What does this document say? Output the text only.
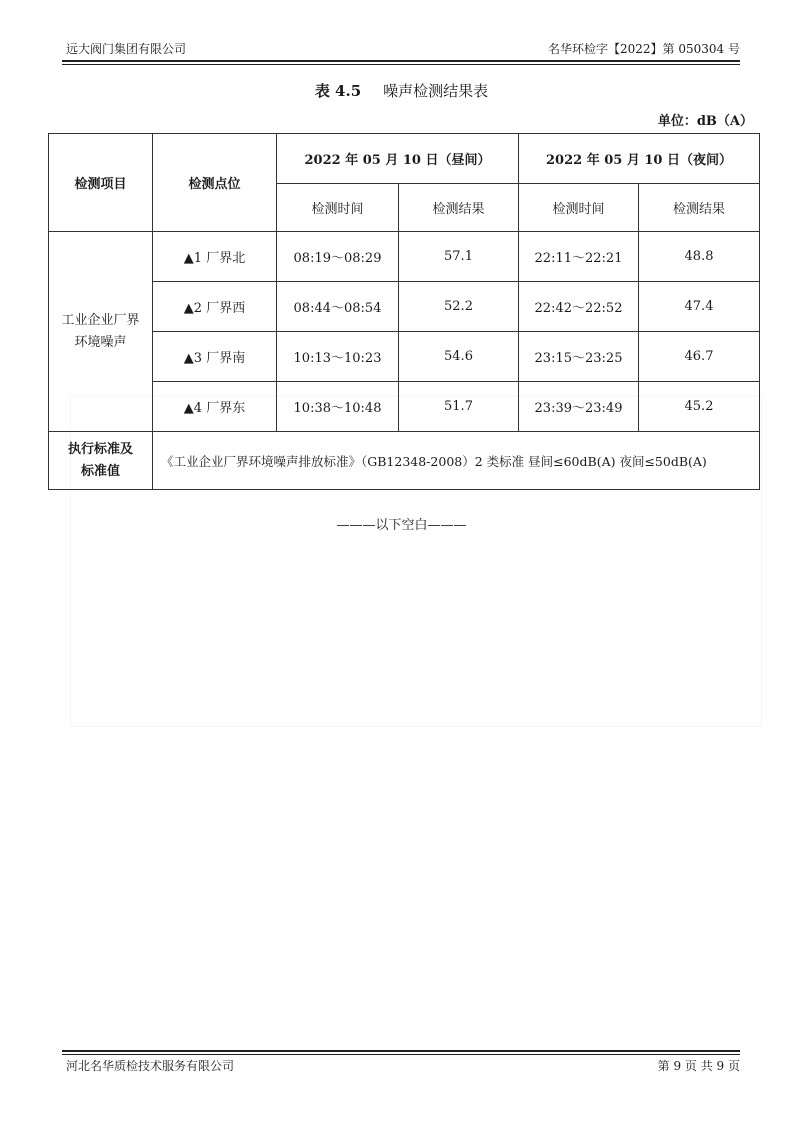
远大阀门集团有限公司	名华环检字【2022】第 050304 号
表 4.5 噪声检测结果表
单位：dB（A）
检测项目	检测点位	2022 年 05 月 10 日（昼间）		2022 年 05 月 10 日（夜间）	
		检测时间	检测结果	检测时间	检测结果
工业企业厂界环境噪声	▲1 厂界北	08:19～08:29	57.1	22:11～22:21	48.8
	▲2 厂界西	08:44～08:54	52.2	22:42～22:52	47.4
	▲3 厂界南	10:13～10:23	54.6	23:15～23:25	46.7
	▲4 厂界东	10:38～10:48	51.7	23:39～23:49	45.2
执行标准及标准值	《工业企业厂界环境噪声排放标准》（GB12348-2008）2 类标准 昼间≤60dB(A) 夜间≤50dB(A)				
———以下空白———
河北名华质检技术服务有限公司	第 9 页 共 9 页
